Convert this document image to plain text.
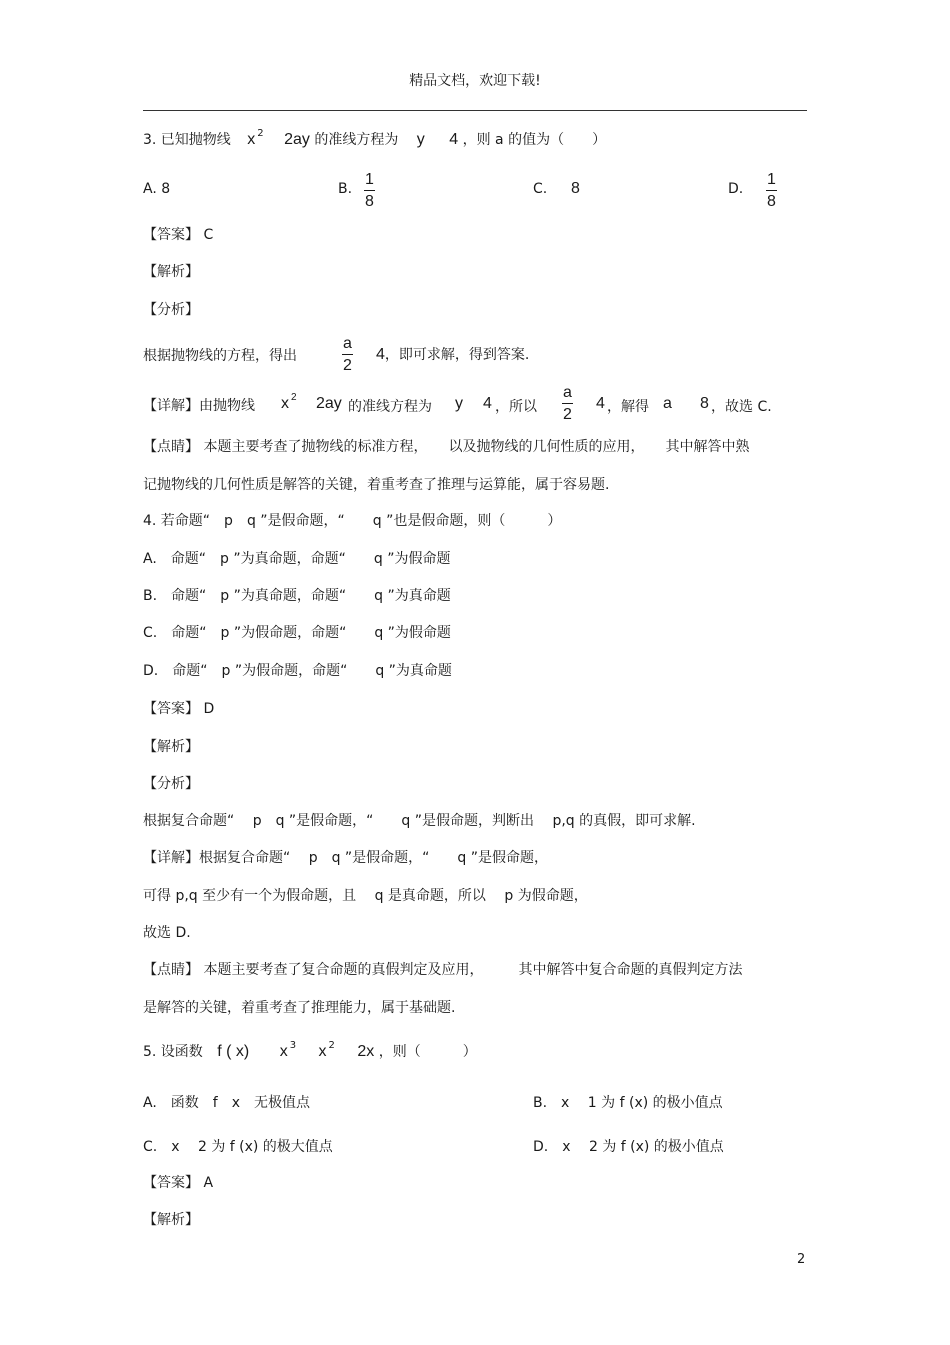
精品文档，欢迎下载!
3. 已知抛物线 x $^2$ 2ay 的准线方程为 y 4 ，则 a 的值为（　　）
A. 8	B. $\frac{1}{8}$	C. 8	D. $\frac{1}{8}$
【答案】 C
【解析】
【分析】
根据抛物线的方程，得出	$\frac{a}{2} 4$，即可求解，得到答案.
【详解】由抛物线 x $^2$ 2ay 的准线方程为 y 4 ，所以 $\frac{a}{2} 4$ ，解得 a 8 ，故选 C.
【点睛】 本题主要考查了抛物线的标准方程，　　以及抛物线的几何性质的应用，　　其中解答中熟
记抛物线的几何性质是解答的关键，着重考查了推理与运算能，属于容易题.
4. 若命题“　p　q ”是假命题，“　　q ”也是假命题，则（　　　）
A.　命题“　p ”为真命题，命题“　　q ”为假命题
B.　命题“　p ”为真命题，命题“　　q ”为真命题
C.　命题“　p ”为假命题，命题“　　q ”为假命题
D.　命题“　p ”为假命题，命题“　　q ”为真命题
【答案】 D
【解析】
【分析】
根据复合命题“　 p　q ”是假命题，“　　q ”是假命题，判断出　 p,q 的真假，即可求解.
【详解】根据复合命题“　 p　q ”是假命题，“　　q ”是假命题，
可得 p,q 至少有一个为假命题，且　 q 是真命题，所以　 p 为假命题，
故选 D.
【点睛】 本题主要考查了复合命题的真假判定及应用，　　　其中解答中复合命题的真假判定方法
是解答的关键，着重考查了推理能力，属于基础题.
5. 设函数 f ( x) x $^3$ x $^2$ 2x ，则（　　　）
A.　函数　f　x　无极值点	B.　x　 1 为 f (x) 的极小值点
C.　x　 2 为 f (x) 的极大值点	D.　x　 2 为 f (x) 的极小值点
【答案】 A
【解析】
2
